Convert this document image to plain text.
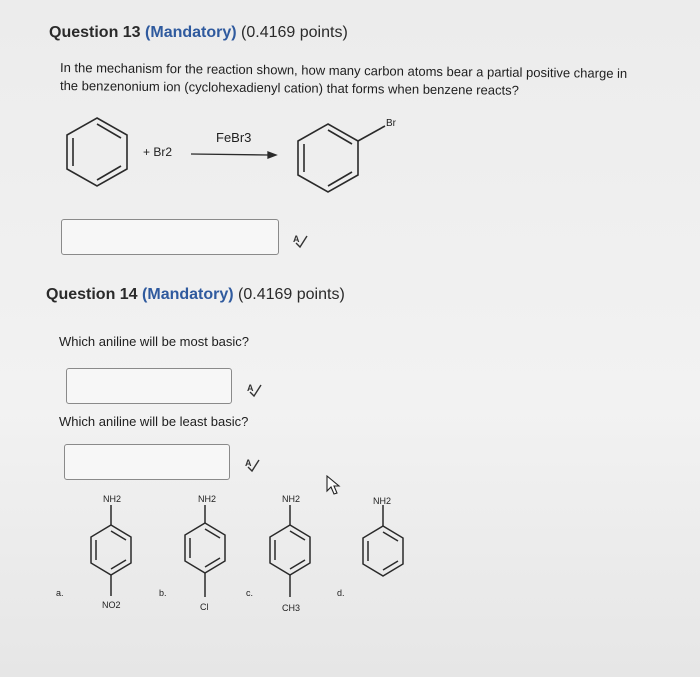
Question 13 (Mandatory) (0.4169 points)
In the mechanism for the reaction shown, how many carbon atoms bear a partial positive charge in
the benzenonium ion (cyclohexadienyl cation) that forms when benzene reacts?
+ Br2
FeBr3
Br
A
Question 14 (Mandatory) (0.4169 points)
Which aniline will be most basic?
A
Which aniline will be least basic?
A
NH2	NH2	NH2	NH2
a.	b.	c.	d.
NO2	Cl	CH3
